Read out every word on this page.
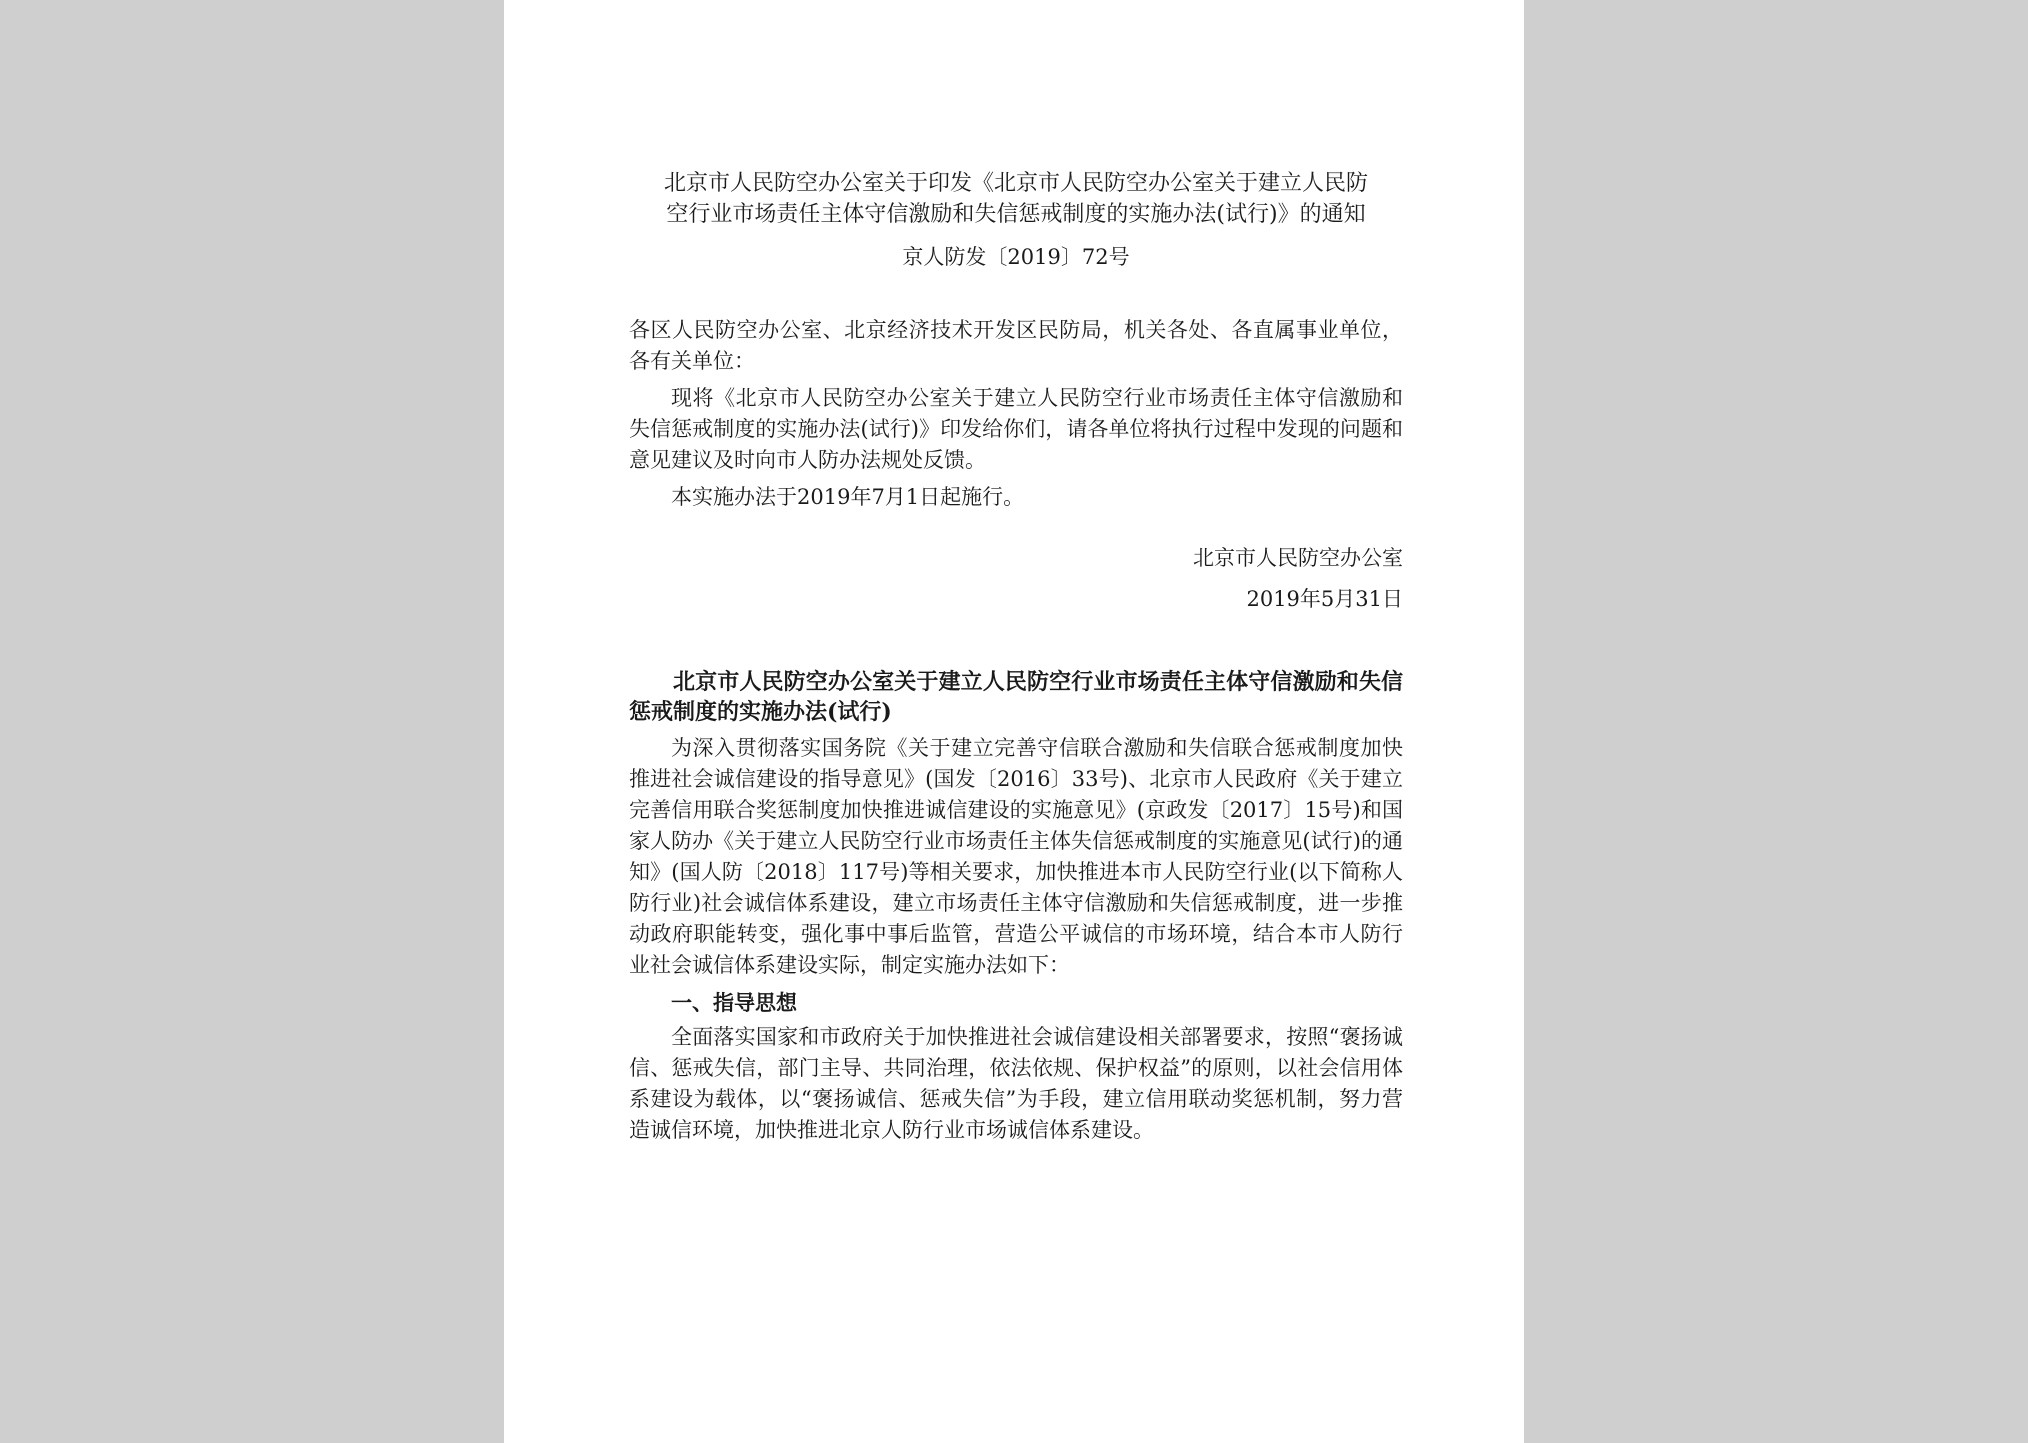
北京市人民防空办公室关于印发《北京市人民防空办公室关于建立人民防
空行业市场责任主体守信激励和失信惩戒制度的实施办法(试行)》的通知
京人防发〔2019〕72号

各区人民防空办公室、北京经济技术开发区民防局，机关各处、各直属事业单位，各有关单位：

现将《北京市人民防空办公室关于建立人民防空行业市场责任主体守信激励和失信惩戒制度的实施办法(试行)》印发给你们，请各单位将执行过程中发现的问题和意见建议及时向市人防办法规处反馈。

本实施办法于2019年7月1日起施行。

北京市人民防空办公室
2019年5月31日

北京市人民防空办公室关于建立人民防空行业市场责任主体守信激励和失信惩戒制度的实施办法(试行)

为深入贯彻落实国务院《关于建立完善守信联合激励和失信联合惩戒制度加快推进社会诚信建设的指导意见》(国发〔2016〕33号)、北京市人民政府《关于建立完善信用联合奖惩制度加快推进诚信建设的实施意见》(京政发〔2017〕15号)和国家人防办《关于建立人民防空行业市场责任主体失信惩戒制度的实施意见(试行)的通知》(国人防〔2018〕117号)等相关要求，加快推进本市人民防空行业(以下简称人防行业)社会诚信体系建设，建立市场责任主体守信激励和失信惩戒制度，进一步推动政府职能转变，强化事中事后监管，营造公平诚信的市场环境，结合本市人防行业社会诚信体系建设实际，制定实施办法如下：

一、指导思想

全面落实国家和市政府关于加快推进社会诚信建设相关部署要求，按照“褒扬诚信、惩戒失信，部门主导、共同治理，依法依规、保护权益”的原则，以社会信用体系建设为载体，以“褒扬诚信、惩戒失信”为手段，建立信用联动奖惩机制，努力营造诚信环境，加快推进北京人防行业市场诚信体系建设。
